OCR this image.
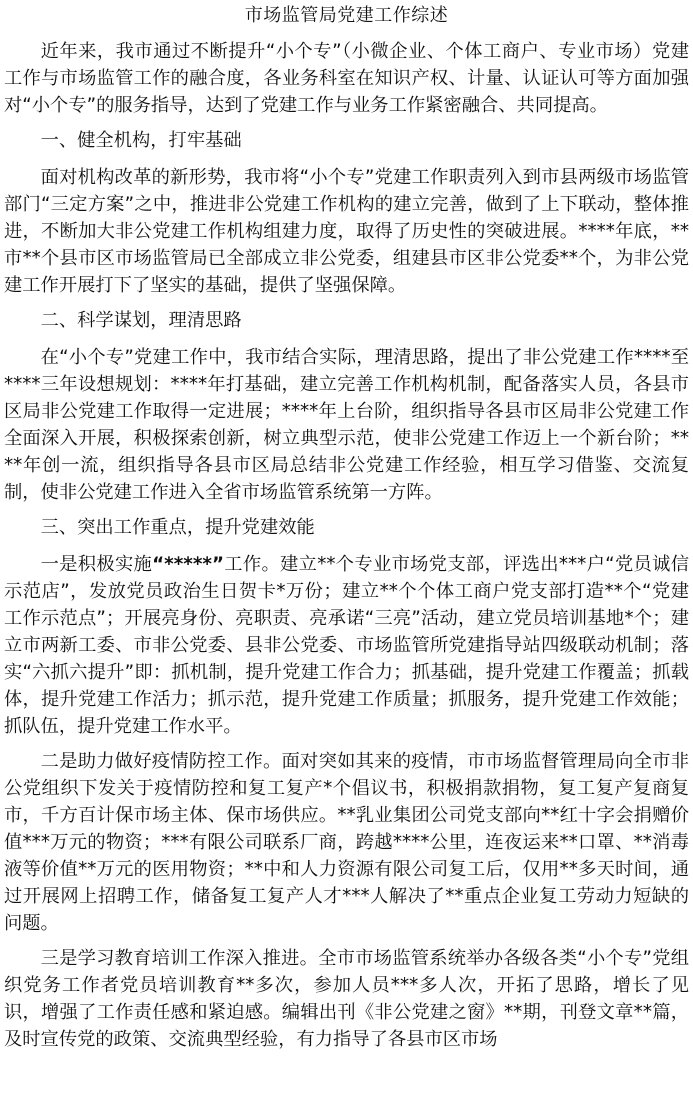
市场监管局党建工作综述

近年来，我市通过不断提升“小个专”（小微企业、个体工商户、专业市场）党建工作与市场监管工作的融合度，各业务科室在知识产权、计量、认证认可等方面加强对“小个专”的服务指导，达到了党建工作与业务工作紧密融合、共同提高。

一、健全机构，打牢基础

面对机构改革的新形势，我市将“小个专”党建工作职责列入到市县两级市场监管部门“三定方案”之中，推进非公党建工作机构的建立完善，做到了上下联动，整体推进，不断加大非公党建工作机构组建力度，取得了历史性的突破进展。****年底，**市**个县市区市场监管局已全部成立非公党委，组建县市区非公党委**个，为非公党建工作开展打下了坚实的基础，提供了坚强保障。

二、科学谋划，理清思路

在“小个专”党建工作中，我市结合实际，理清思路，提出了非公党建工作****至****三年设想规划：****年打基础，建立完善工作机构机制，配备落实人员，各县市区局非公党建工作取得一定进展；****年上台阶，组织指导各县市区局非公党建工作全面深入开展，积极探索创新，树立典型示范，使非公党建工作迈上一个新台阶；****年创一流，组织指导各县市区局总结非公党建工作经验，相互学习借鉴、交流复制，使非公党建工作进入全省市场监管系统第一方阵。

三、突出工作重点，提升党建效能

一是积极实施“*****”工作。建立**个专业市场党支部，评选出***户“党员诚信示范店”，发放党员政治生日贺卡*万份；建立**个个体工商户党支部打造**个“党建工作示范点”；开展亮身份、亮职责、亮承诺“三亮”活动，建立党员培训基地*个；建立市两新工委、市非公党委、县非公党委、市场监管所党建指导站四级联动机制；落实“六抓六提升”即：抓机制，提升党建工作合力；抓基础，提升党建工作覆盖；抓载体，提升党建工作活力；抓示范，提升党建工作质量；抓服务，提升党建工作效能；抓队伍，提升党建工作水平。

二是助力做好疫情防控工作。面对突如其来的疫情，市市场监督管理局向全市非公党组织下发关于疫情防控和复工复产*个倡议书，积极捐款捐物，复工复产复商复市，千方百计保市场主体、保市场供应。**乳业集团公司党支部向**红十字会捐赠价值***万元的物资；***有限公司联系厂商，跨越****公里，连夜运来**口罩、**消毒液等价值**万元的医用物资；**中和人力资源有限公司复工后，仅用**多天时间，通过开展网上招聘工作，储备复工复产人才***人解决了**重点企业复工劳动力短缺的问题。

三是学习教育培训工作深入推进。全市市场监管系统举办各级各类“小个专”党组织党务工作者党员培训教育**多次，参加人员***多人次，开拓了思路，增长了见识，增强了工作责任感和紧迫感。编辑出刊《非公党建之窗》**期，刊登文章**篇，及时宣传党的政策、交流典型经验，有力指导了各县市区市场
